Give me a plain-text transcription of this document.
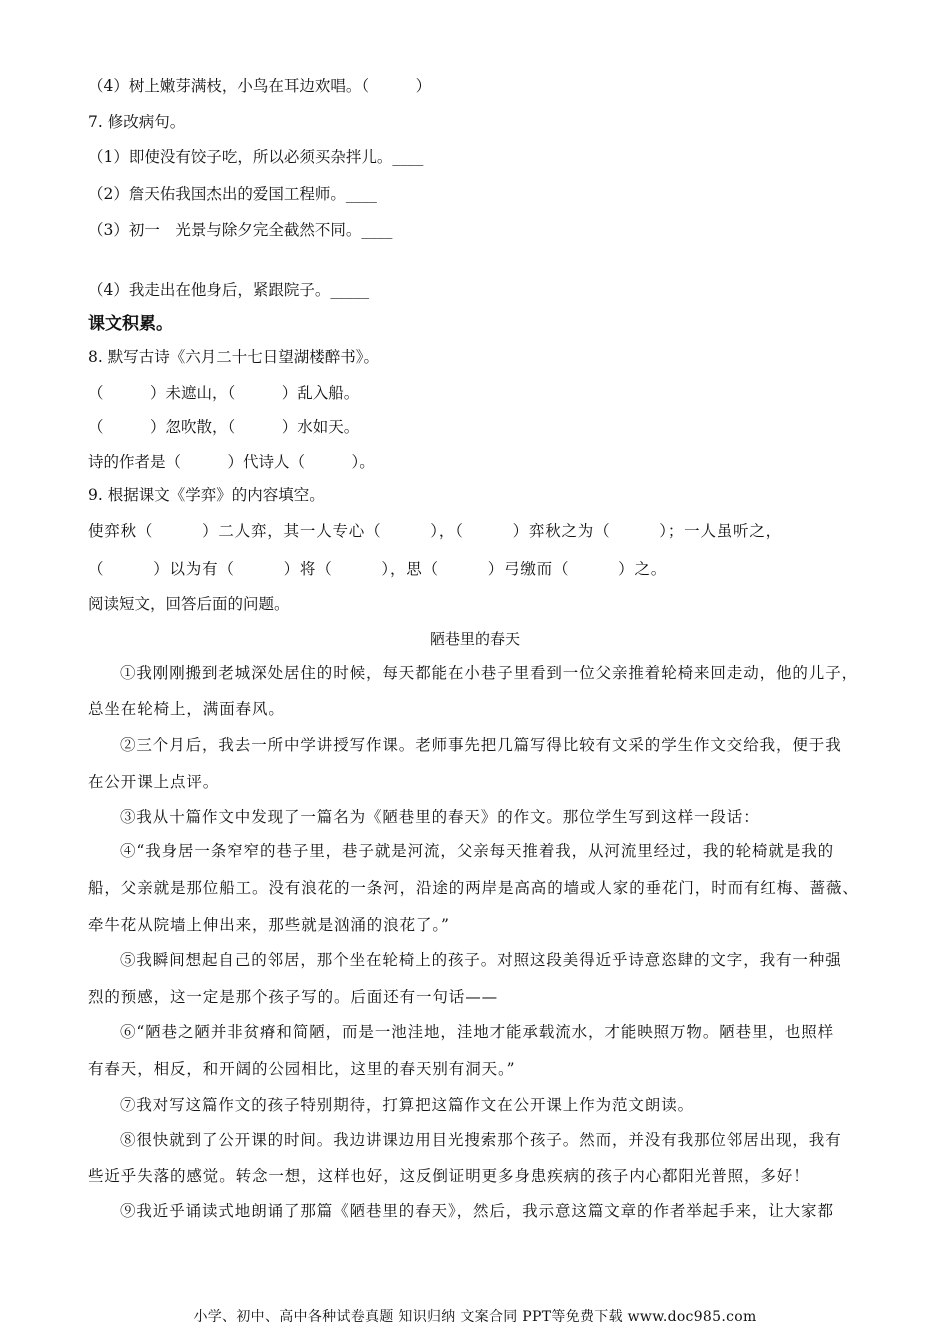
（4）树上嫩芽满枝，小鸟在耳边欢唱。（　　　）
7. 修改病句。
（1）即使没有饺子吃，所以必须买杂拌儿。____
（2）詹天佑我国杰出的爱国工程师。____
（3）初一　光景与除夕完全截然不同。____
（4）我走出在他身后，紧跟院子。_____
课文积累。
8. 默写古诗《六月二十七日望湖楼醉书》。
（　　　）未遮山，（　　　）乱入船。
（　　　）忽吹散，（　　　）水如天。
诗的作者是（　　　）代诗人（　　　）。
9. 根据课文《学弈》的内容填空。
使弈秋（　　　）二人弈，其一人专心（　　　），（　　　）弈秋之为（　　　）；一人虽听之，
（　　　）以为有（　　　）将（　　　），思（　　　）弓缴而（　　　）之。
阅读短文，回答后面的问题。
陋巷里的春天
①我刚刚搬到老城深处居住的时候，每天都能在小巷子里看到一位父亲推着轮椅来回走动，他的儿子，
总坐在轮椅上，满面春风。
②三个月后，我去一所中学讲授写作课。老师事先把几篇写得比较有文采的学生作文交给我，便于我
在公开课上点评。
③我从十篇作文中发现了一篇名为《陋巷里的春天》的作文。那位学生写到这样一段话：
④“我身居一条窄窄的巷子里，巷子就是河流，父亲每天推着我，从河流里经过，我的轮椅就是我的
船，父亲就是那位船工。没有浪花的一条河，沿途的两岸是高高的墙或人家的垂花门，时而有红梅、蔷薇、
牵牛花从院墙上伸出来，那些就是汹涌的浪花了。”
⑤我瞬间想起自己的邻居，那个坐在轮椅上的孩子。对照这段美得近乎诗意恣肆的文字，我有一种强
烈的预感，这一定是那个孩子写的。后面还有一句话——
⑥“陋巷之陋并非贫瘠和简陋，而是一池洼地，洼地才能承载流水，才能映照万物。陋巷里，也照样
有春天，相反，和开阔的公园相比，这里的春天别有洞天。”
⑦我对写这篇作文的孩子特别期待，打算把这篇作文在公开课上作为范文朗读。
⑧很快就到了公开课的时间。我边讲课边用目光搜索那个孩子。然而，并没有我那位邻居出现，我有
些近乎失落的感觉。转念一想，这样也好，这反倒证明更多身患疾病的孩子内心都阳光普照，多好！
⑨我近乎诵读式地朗诵了那篇《陋巷里的春天》，然后，我示意这篇文章的作者举起手来，让大家都
小学、初中、高中各种试卷真题 知识归纳 文案合同 PPT等免费下载 www.doc985.com
